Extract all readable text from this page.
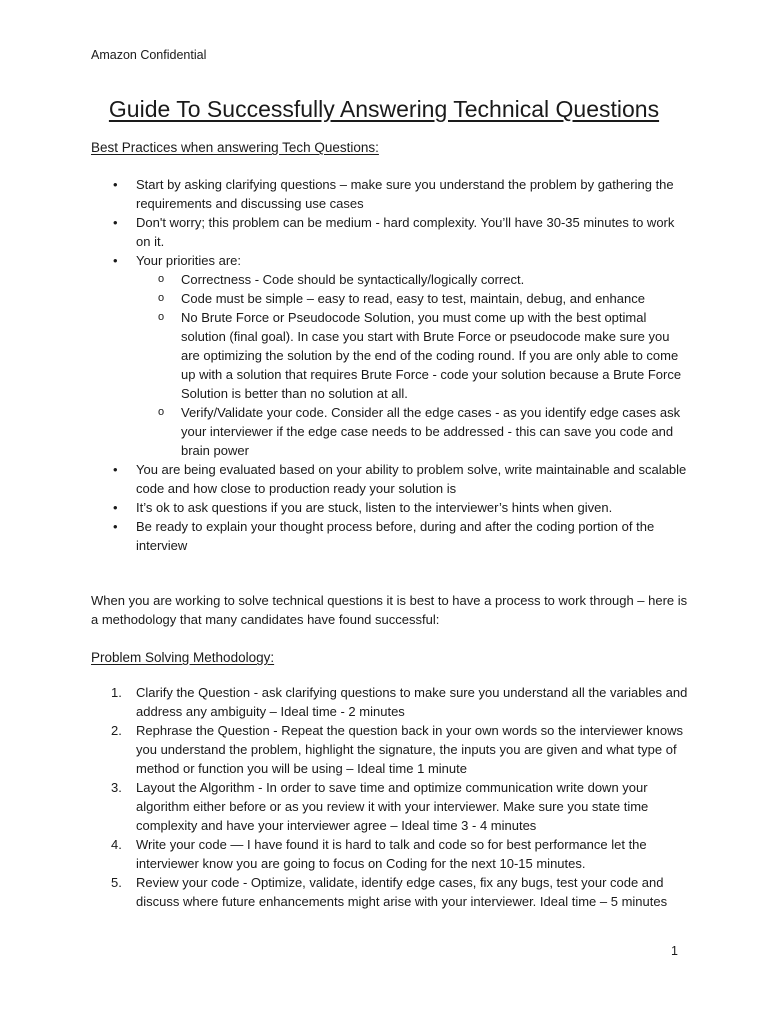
Amazon Confidential
Guide To Successfully Answering Technical Questions
Best Practices when answering Tech Questions:
• Start by asking clarifying questions – make sure you understand the problem by gathering the requirements and discussing use cases
• Don't worry; this problem can be medium - hard complexity. You’ll have 30-35 minutes to work on it.
• Your priorities are:
o Correctness - Code should be syntactically/logically correct.
o Code must be simple – easy to read, easy to test, maintain, debug, and enhance
o No Brute Force or Pseudocode Solution, you must come up with the best optimal solution (final goal). In case you start with Brute Force or pseudocode make sure you are optimizing the solution by the end of the coding round. If you are only able to come up with a solution that requires Brute Force - code your solution because a Brute Force Solution is better than no solution at all.
o Verify/Validate your code. Consider all the edge cases - as you identify edge cases ask your interviewer if the edge case needs to be addressed - this can save you code and brain power
• You are being evaluated based on your ability to problem solve, write maintainable and scalable code and how close to production ready your solution is
• It’s ok to ask questions if you are stuck, listen to the interviewer’s hints when given.
• Be ready to explain your thought process before, during and after the coding portion of the interview

When you are working to solve technical questions it is best to have a process to work through – here is a methodology that many candidates have found successful:

Problem Solving Methodology:
1. Clarify the Question - ask clarifying questions to make sure you understand all the variables and address any ambiguity – Ideal time - 2 minutes
2. Rephrase the Question - Repeat the question back in your own words so the interviewer knows you understand the problem, highlight the signature, the inputs you are given and what type of method or function you will be using – Ideal time 1 minute
3. Layout the Algorithm - In order to save time and optimize communication write down your algorithm either before or as you review it with your interviewer. Make sure you state time complexity and have your interviewer agree – Ideal time 3 - 4 minutes
4. Write your code — I have found it is hard to talk and code so for best performance let the interviewer know you are going to focus on Coding for the next 10-15 minutes.
5. Review your code - Optimize, validate, identify edge cases, fix any bugs, test your code and discuss where future enhancements might arise with your interviewer. Ideal time – 5 minutes
1
